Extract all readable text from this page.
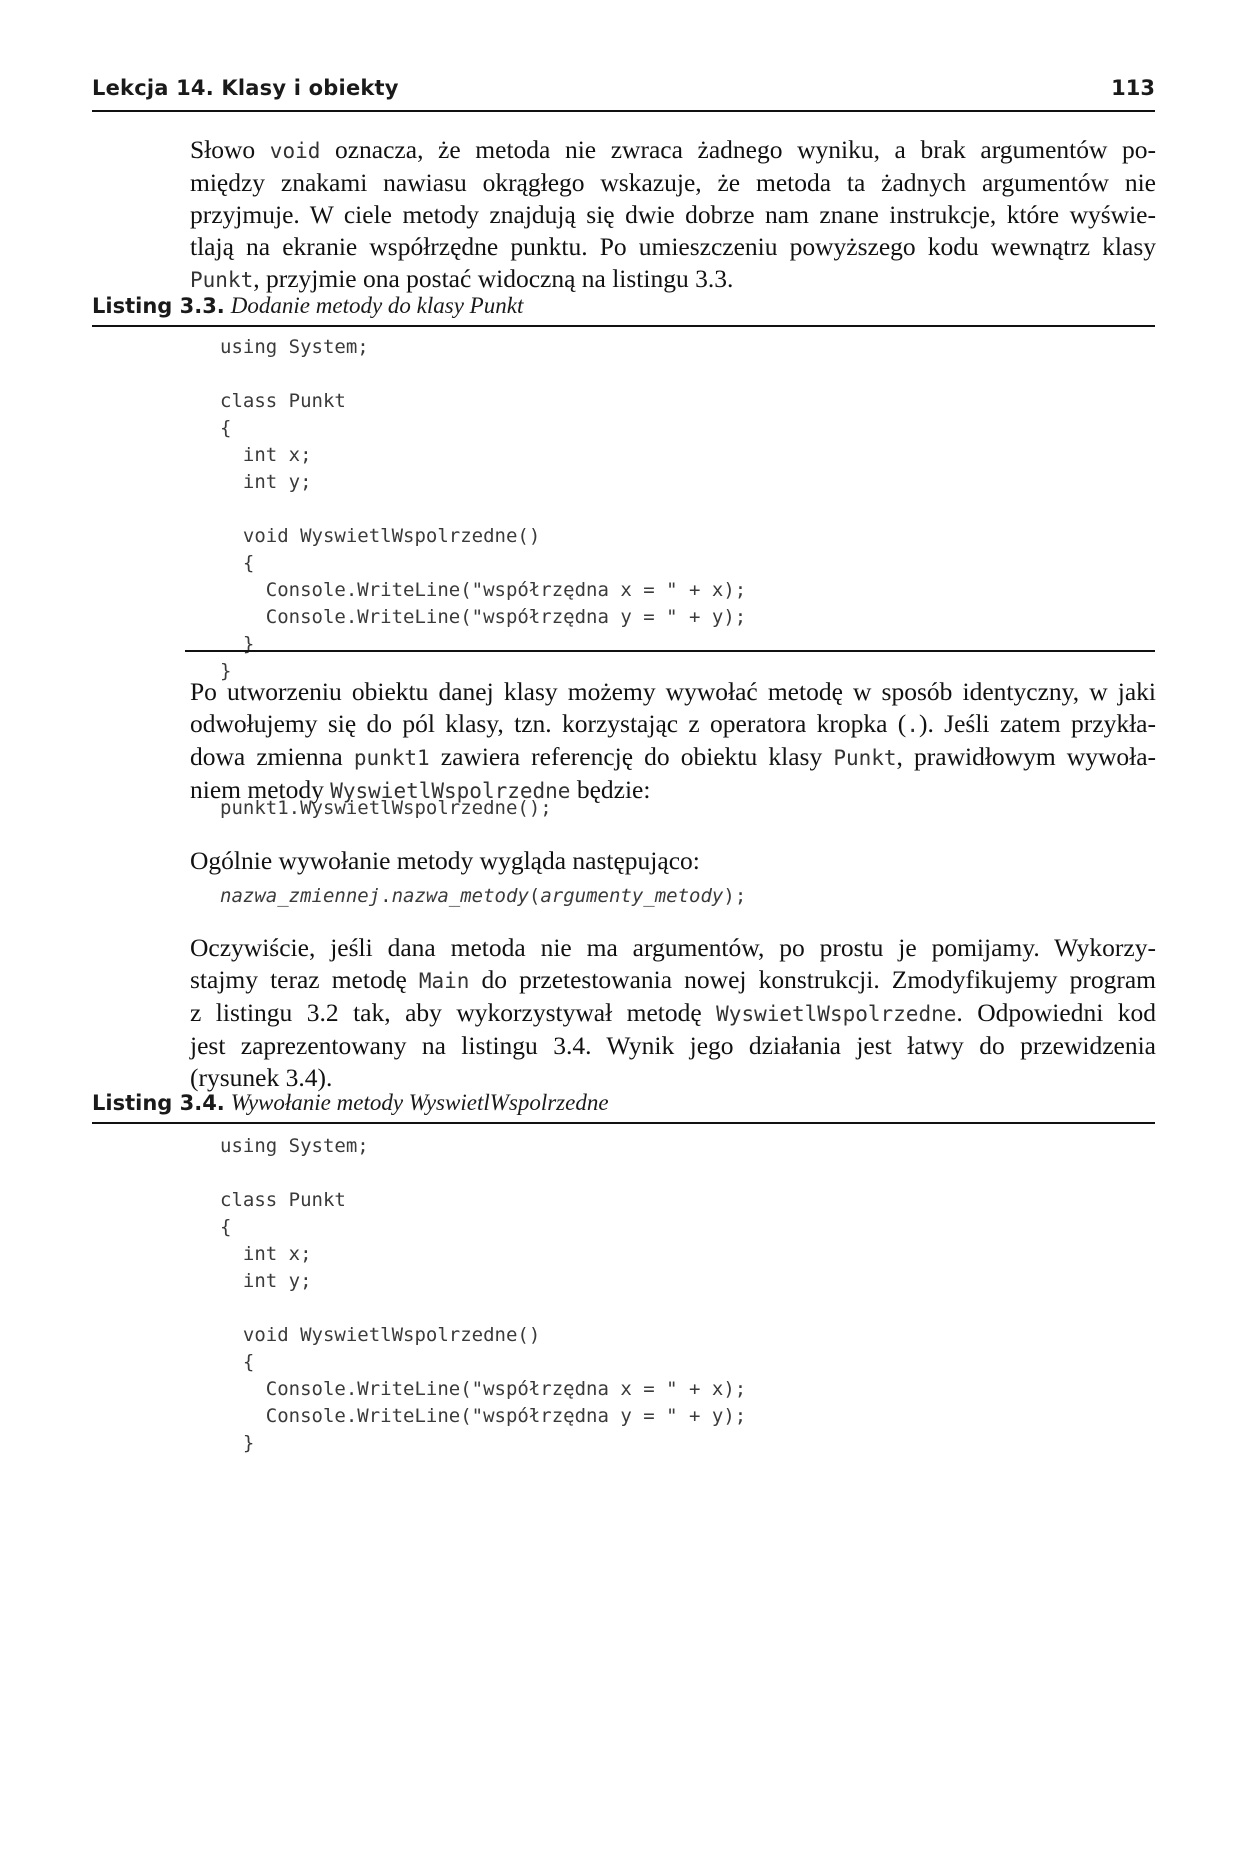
Lekcja 14. Klasy i obiekty	113
Słowo void oznacza, że metoda nie zwraca żadnego wyniku, a brak argumentów po-
między znakami nawiasu okrągłego wskazuje, że metoda ta żadnych argumentów nie
przyjmuje. W ciele metody znajdują się dwie dobrze nam znane instrukcje, które wyświe-
tlają na ekranie współrzędne punktu. Po umieszczeniu powyższego kodu wewnątrz klasy
Punkt, przyjmie ona postać widoczną na listingu 3.3.
Listing 3.3. Dodanie metody do klasy Punkt
using System;
class Punkt
{
int x;
int y;
void WyswietlWspolrzedne()
{
Console.WriteLine("współrzędna x = " + x);
Console.WriteLine("współrzędna y = " + y);
}
}
Po utworzeniu obiektu danej klasy możemy wywołać metodę w sposób identyczny, w jaki
odwołujemy się do pól klasy, tzn. korzystając z operatora kropka (.). Jeśli zatem przykła-
dowa zmienna punkt1 zawiera referencję do obiektu klasy Punkt, prawidłowym wywoła-
niem metody WyswietlWspolrzedne będzie:
punkt1.WyswietlWspolrzedne();
Ogólnie wywołanie metody wygląda następująco:
nazwa_zmiennej.nazwa_metody(argumenty_metody);
Oczywiście, jeśli dana metoda nie ma argumentów, po prostu je pomijamy. Wykorzy-
stajmy teraz metodę Main do przetestowania nowej konstrukcji. Zmodyfikujemy program
z listingu 3.2 tak, aby wykorzystywał metodę WyswietlWspolrzedne. Odpowiedni kod
jest zaprezentowany na listingu 3.4. Wynik jego działania jest łatwy do przewidzenia
(rysunek 3.4).
Listing 3.4. Wywołanie metody WyswietlWspolrzedne
using System;
class Punkt
{
int x;
int y;
void WyswietlWspolrzedne()
{
Console.WriteLine("współrzędna x = " + x);
Console.WriteLine("współrzędna y = " + y);
}
